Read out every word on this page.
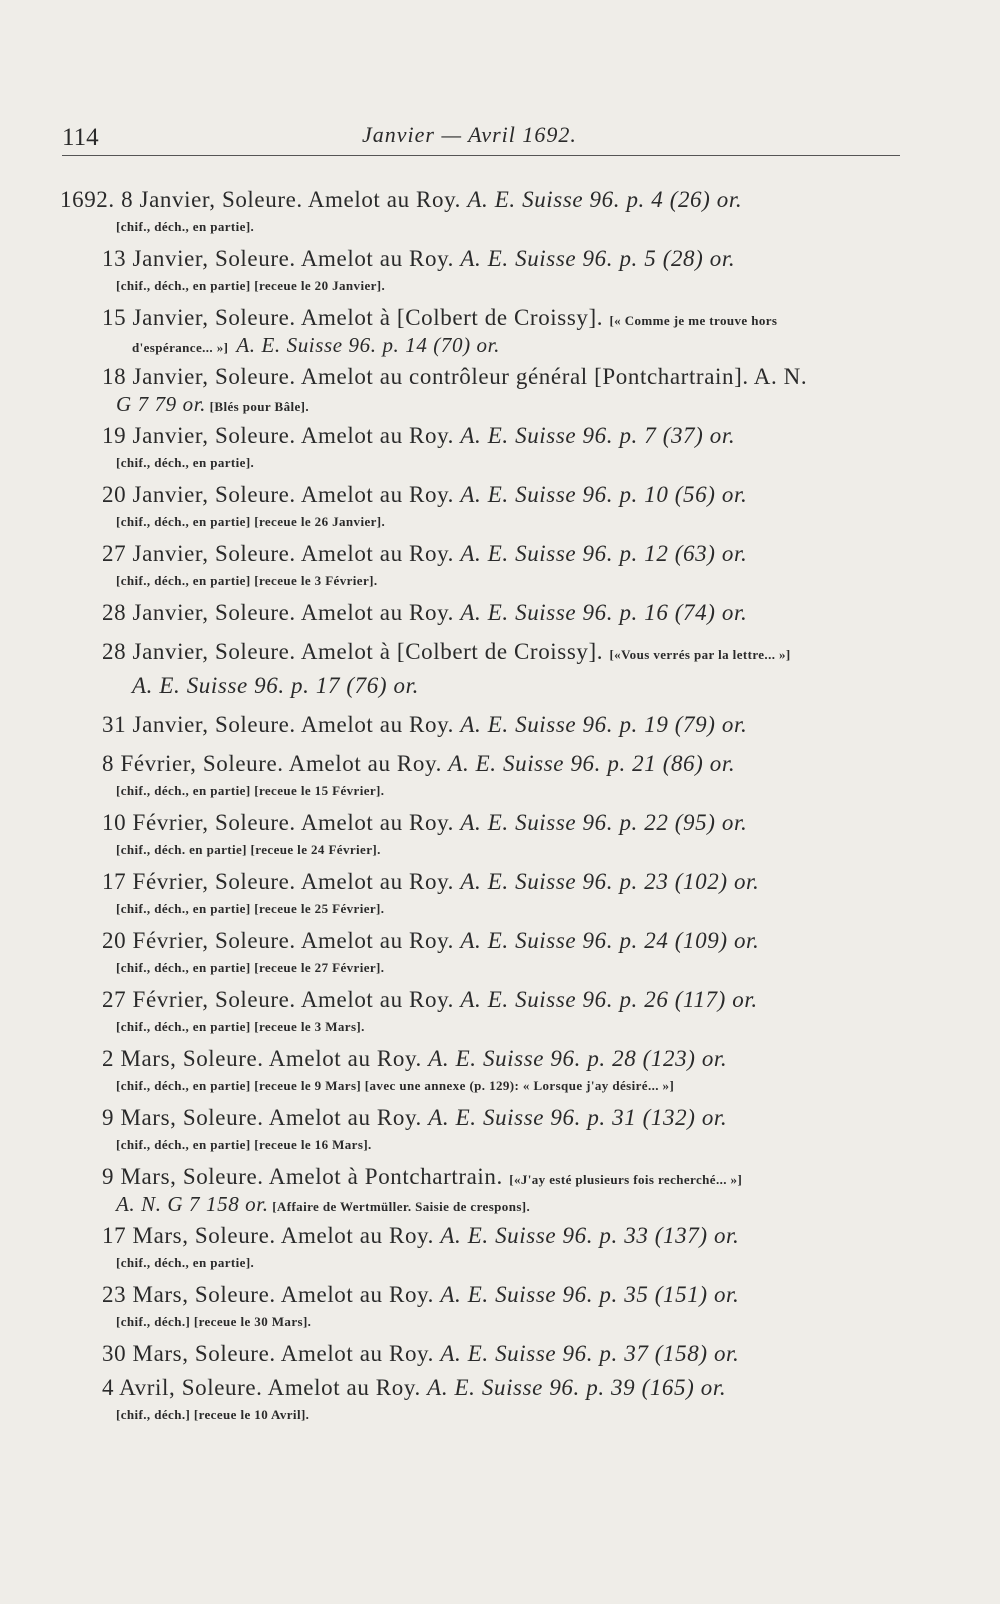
114	Janvier — Avril 1692.
1692. 8 Janvier, Soleure. Amelot au Roy. A. E. Suisse 96. p. 4 (26) or.
[chif., déch., en partie].
13 Janvier, Soleure. Amelot au Roy. A. E. Suisse 96. p. 5 (28) or.
[chif., déch., en partie] [receue le 20 Janvier].
15 Janvier, Soleure. Amelot à [Colbert de Croissy]. [« Comme je me trouve hors
d'espérance... »] A. E. Suisse 96. p. 14 (70) or.
18 Janvier, Soleure. Amelot au contrôleur général [Pontchartrain]. A. N.
G 7 79 or. [Blés pour Bâle].
19 Janvier, Soleure. Amelot au Roy. A. E. Suisse 96. p. 7 (37) or.
[chif., déch., en partie].
20 Janvier, Soleure. Amelot au Roy. A. E. Suisse 96. p. 10 (56) or.
[chif., déch., en partie] [receue le 26 Janvier].
27 Janvier, Soleure. Amelot au Roy. A. E. Suisse 96. p. 12 (63) or.
[chif., déch., en partie] [receue le 3 Février].
28 Janvier, Soleure. Amelot au Roy. A. E. Suisse 96. p. 16 (74) or.
28 Janvier, Soleure. Amelot à [Colbert de Croissy]. [«Vous verrés par la lettre... »]
A. E. Suisse 96. p. 17 (76) or.
31 Janvier, Soleure. Amelot au Roy. A. E. Suisse 96. p. 19 (79) or.
8 Février, Soleure. Amelot au Roy. A. E. Suisse 96. p. 21 (86) or.
[chif., déch., en partie] [receue le 15 Février].
10 Février, Soleure. Amelot au Roy. A. E. Suisse 96. p. 22 (95) or.
[chif., déch. en partie] [receue le 24 Février].
17 Février, Soleure. Amelot au Roy. A. E. Suisse 96. p. 23 (102) or.
[chif., déch., en partie] [receue le 25 Février].
20 Février, Soleure. Amelot au Roy. A. E. Suisse 96. p. 24 (109) or.
[chif., déch., en partie] [receue le 27 Février].
27 Février, Soleure. Amelot au Roy. A. E. Suisse 96. p. 26 (117) or.
[chif., déch., en partie] [receue le 3 Mars].
2 Mars, Soleure. Amelot au Roy. A. E. Suisse 96. p. 28 (123) or.
[chif., déch., en partie] [receue le 9 Mars] [avec une annexe (p. 129): « Lorsque j'ay désiré... »]
9 Mars, Soleure. Amelot au Roy. A. E. Suisse 96. p. 31 (132) or.
[chif., déch., en partie] [receue le 16 Mars].
9 Mars, Soleure. Amelot à Pontchartrain. [«J'ay esté plusieurs fois recherché... »]
A. N. G 7 158 or. [Affaire de Wertmüller. Saisie de crespons].
17 Mars, Soleure. Amelot au Roy. A. E. Suisse 96. p. 33 (137) or.
[chif., déch., en partie].
23 Mars, Soleure. Amelot au Roy. A. E. Suisse 96. p. 35 (151) or.
[chif., déch.] [receue le 30 Mars].
30 Mars, Soleure. Amelot au Roy. A. E. Suisse 96. p. 37 (158) or.
4 Avril, Soleure. Amelot au Roy. A. E. Suisse 96. p. 39 (165) or.
[chif., déch.] [receue le 10 Avril].
